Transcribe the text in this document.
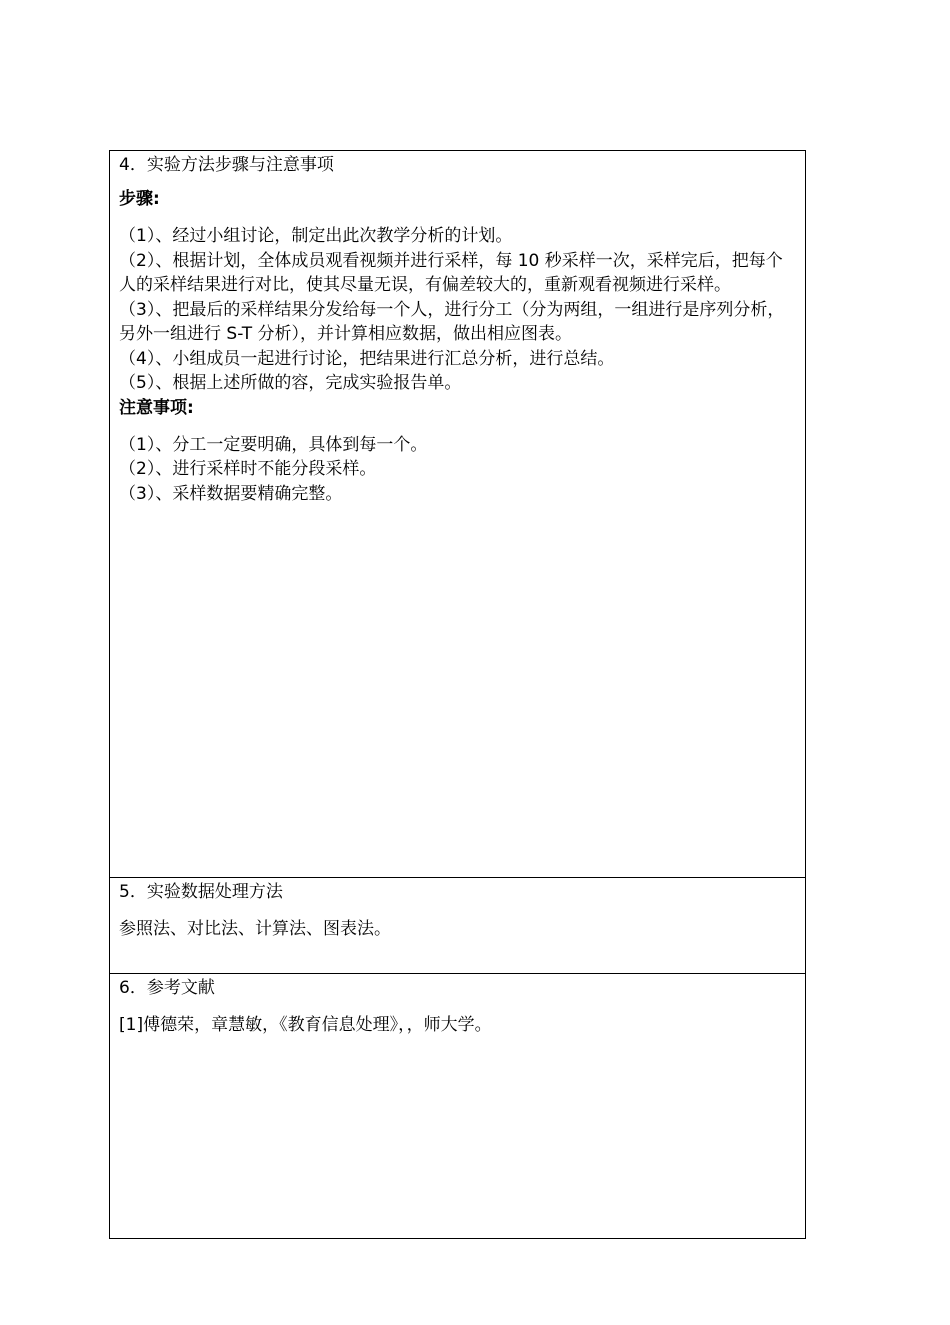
4．实验方法步骤与注意事项
步骤:
（1）、经过小组讨论，制定出此次教学分析的计划。
（2）、根据计划，全体成员观看视频并进行采样，每 10 秒采样一次，采样完后，把每个人的采样结果进行对比，使其尽量无误，有偏差较大的，重新观看视频进行采样。
（3）、把最后的采样结果分发给每一个人，进行分工（分为两组，一组进行是序列分析，另外一组进行 S-T 分析），并计算相应数据，做出相应图表。
（4）、小组成员一起进行讨论，把结果进行汇总分析，进行总结。
（5）、根据上述所做的容，完成实验报告单。
注意事项:
（1）、分工一定要明确，具体到每一个。
（2）、进行采样时不能分段采样。
（3）、采样数据要精确完整。
5．实验数据处理方法
参照法、对比法、计算法、图表法。
6．参考文献
[1]傅德荣，章慧敏，《教育信息处理》，，师大学。
